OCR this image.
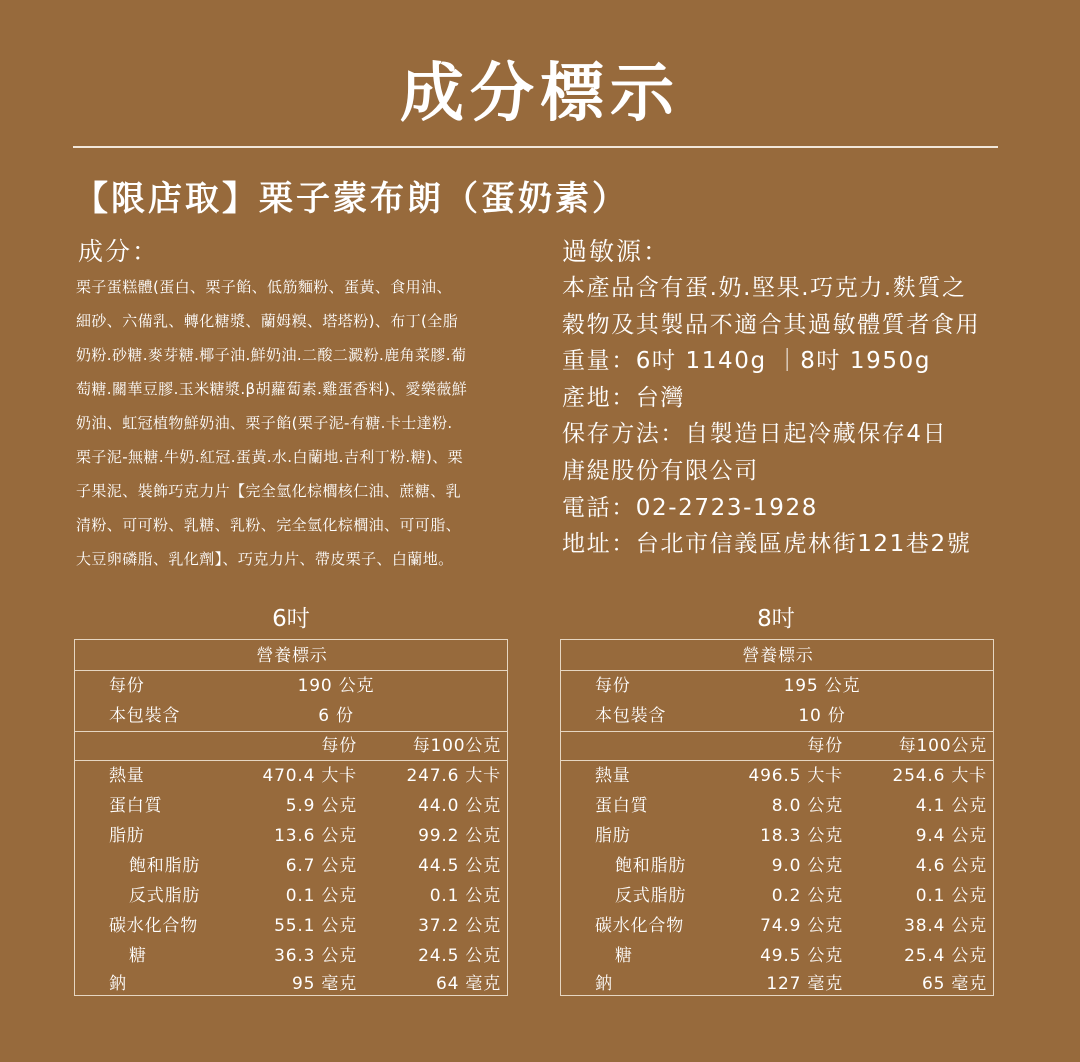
成分標示
【限店取】栗子蒙布朗（蛋奶素）
成分：
栗子蛋糕體(蛋白、栗子餡、低筋麵粉、蛋黃、食用油、
細砂、六備乳、轉化糖漿、蘭姆糗、塔塔粉)、布丁(全脂
奶粉.砂糖.麥芽糖.椰子油.鮮奶油.二酸二澱粉.鹿角菜膠.葡
萄糖.關華豆膠.玉米糖漿.β胡蘿蔔素.雞蛋香料)、愛樂薇鮮
奶油、虹冠植物鮮奶油、栗子餡(栗子泥-有糖.卡士達粉.
栗子泥-無糖.牛奶.紅冠.蛋黃.水.白蘭地.吉利丁粉.糖)、栗
子果泥、裝飾巧克力片【完全氫化棕櫚核仁油、蔗糖、乳
清粉、可可粉、乳糖、乳粉、完全氫化棕櫚油、可可脂、
大豆卵磷脂、乳化劑】、巧克力片、帶皮栗子、白蘭地。
過敏源：
本產品含有蛋.奶.堅果.巧克力.麩質之
穀物及其製品不適合其過敏體質者食用
重量：6吋 1140g ｜8吋 1950g
產地：台灣
保存方法：自製造日起冷藏保存4日
唐緹股份有限公司
電話：02-2723-1928
地址：台北市信義區虎林街121巷2號
6吋	8吋
營養標示
每份	190 公克
本包裝含	6 份
每份	每100公克
熱量	470.4 大卡	247.6 大卡
蛋白質	5.9 公克	44.0 公克
脂肪	13.6 公克	99.2 公克
飽和脂肪	6.7 公克	44.5 公克
反式脂肪	0.1 公克	0.1 公克
碳水化合物	55.1 公克	37.2 公克
糖	36.3 公克	24.5 公克
鈉	95 毫克	64 毫克
營養標示
每份	195 公克
本包裝含	10 份
每份	每100公克
熱量	496.5 大卡	254.6 大卡
蛋白質	8.0 公克	4.1 公克
脂肪	18.3 公克	9.4 公克
飽和脂肪	9.0 公克	4.6 公克
反式脂肪	0.2 公克	0.1 公克
碳水化合物	74.9 公克	38.4 公克
糖	49.5 公克	25.4 公克
鈉	127 毫克	65 毫克
